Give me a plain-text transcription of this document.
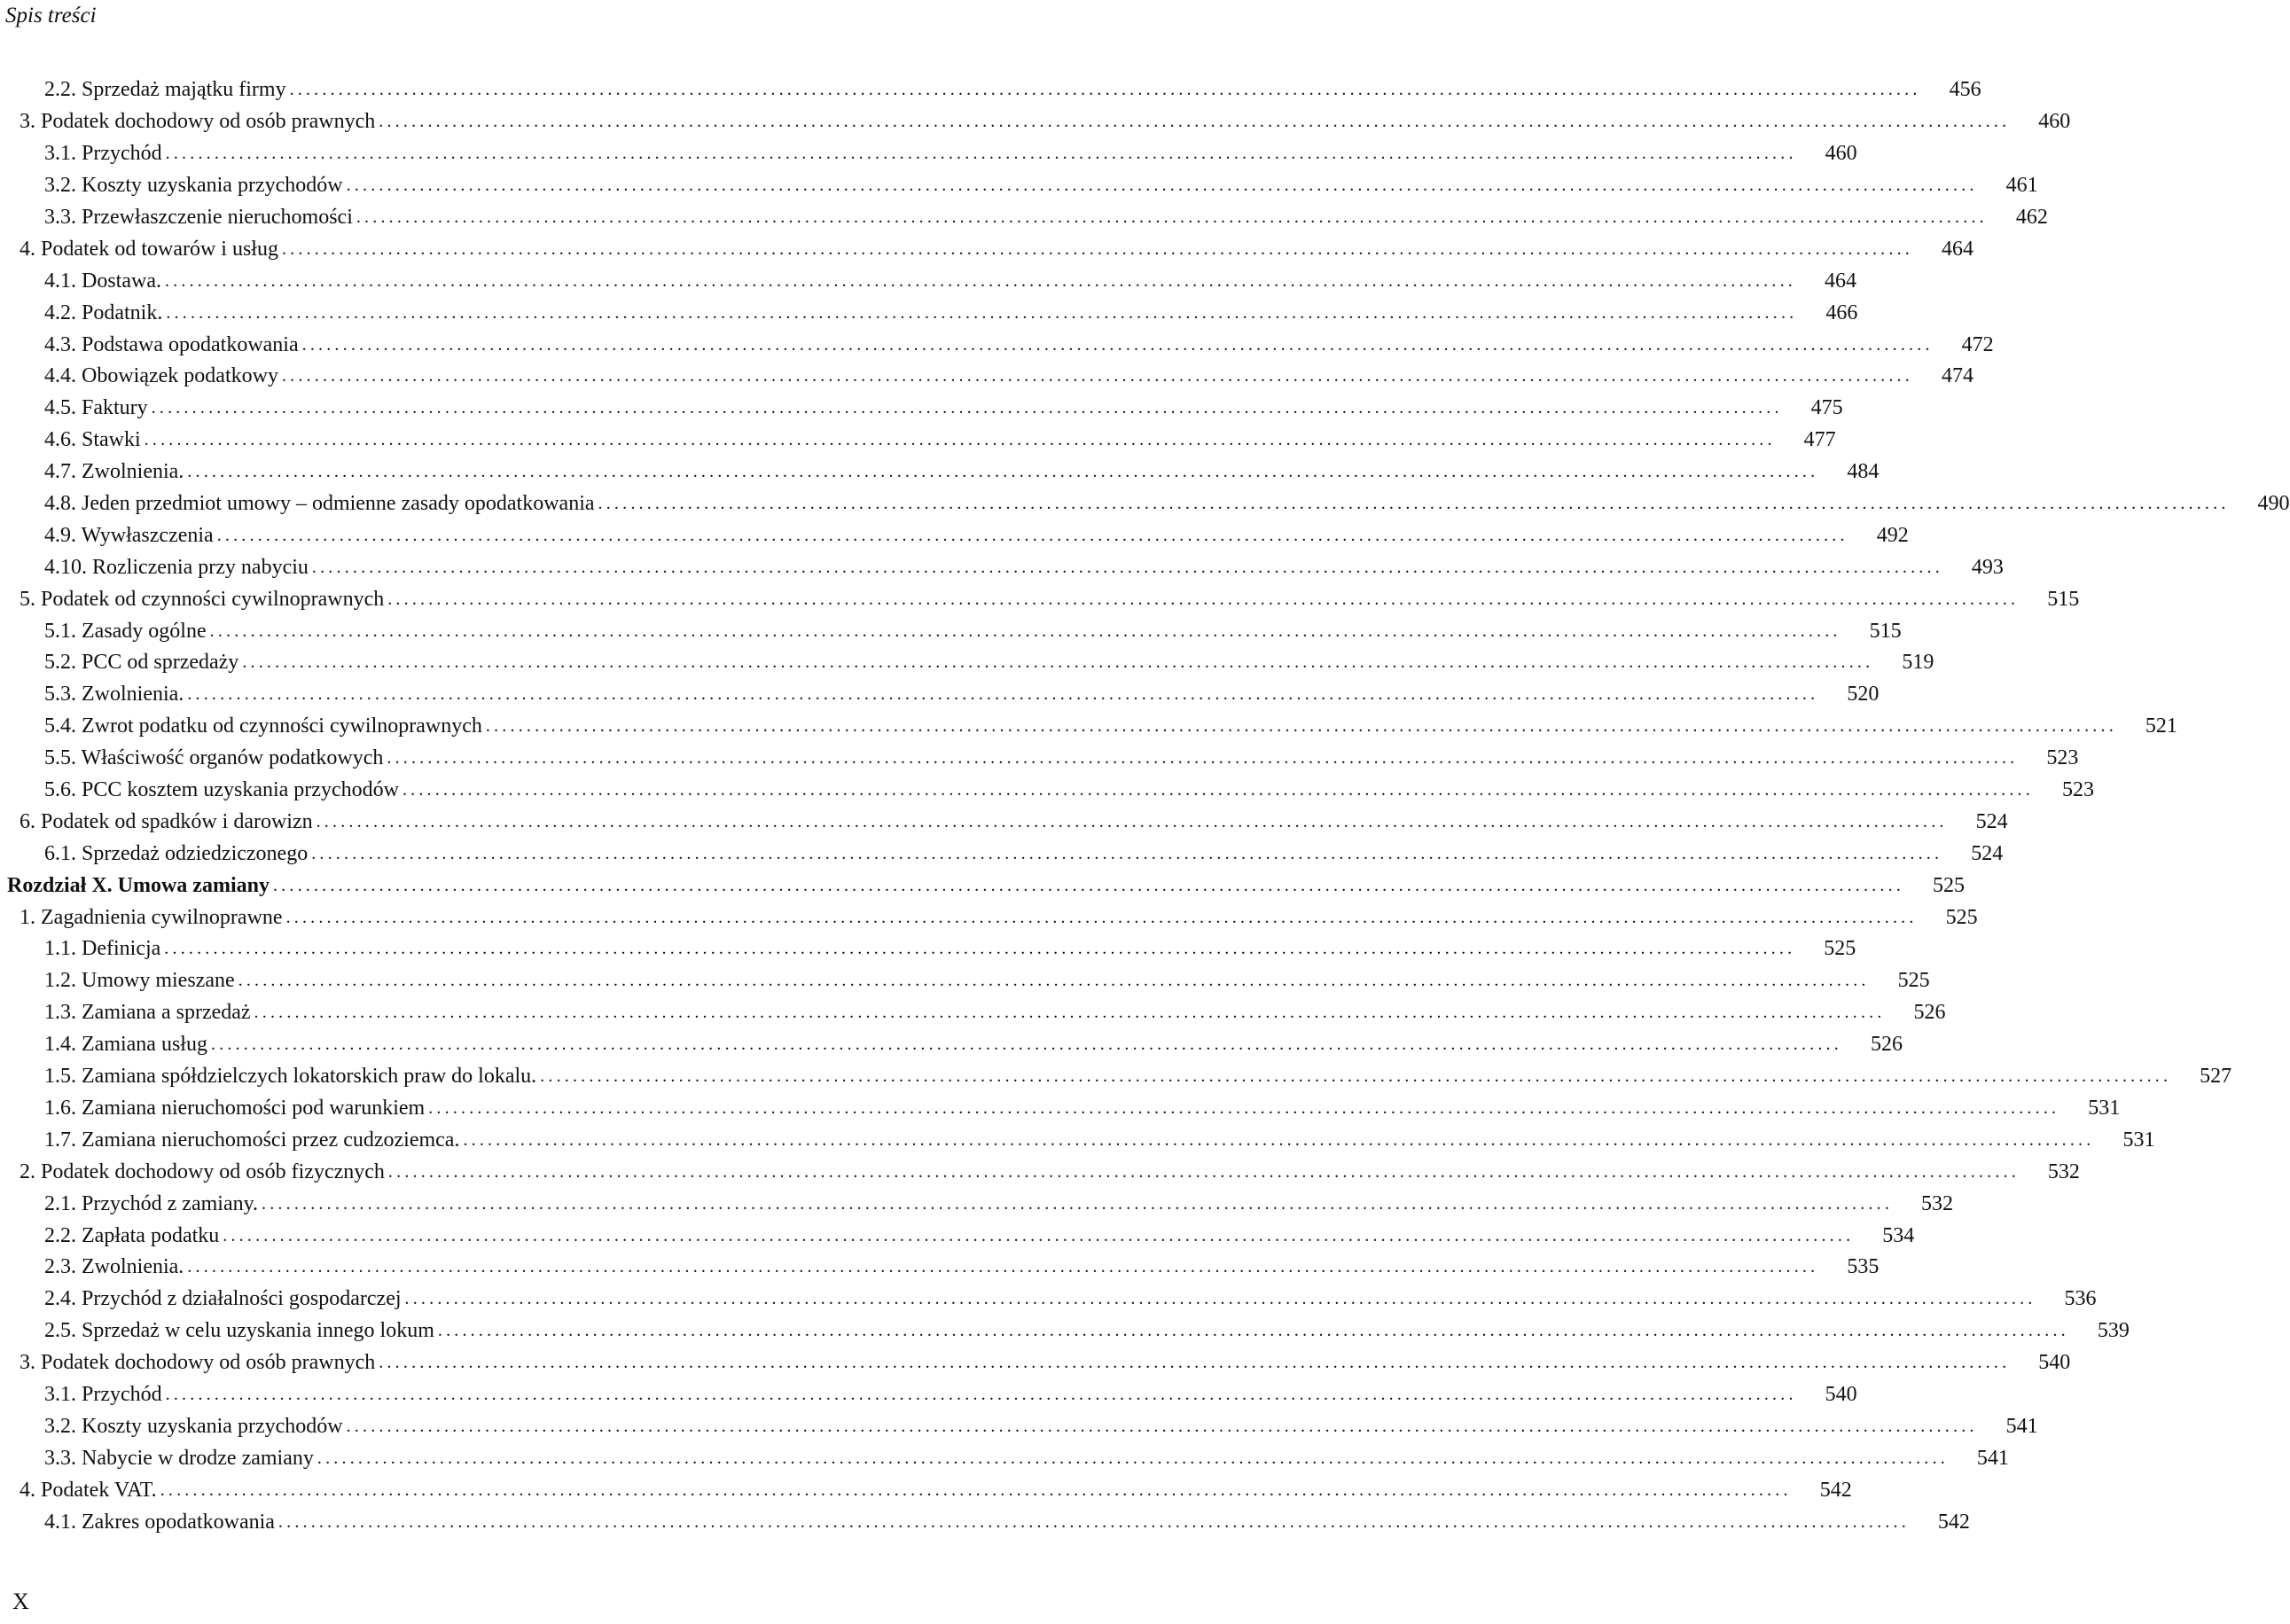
Spis treści
2.2. Sprzedaż majątku firmy ........................................................................................................................................................................................................	456
3. Podatek dochodowy od osób prawnych ........................................................................................................................................................................................................	460
3.1. Przychód ........................................................................................................................................................................................................	460
3.2. Koszty uzyskania przychodów ........................................................................................................................................................................................................	461
3.3. Przewłaszczenie nieruchomości ........................................................................................................................................................................................................	462
4. Podatek od towarów i usług ........................................................................................................................................................................................................	464
4.1. Dostawa. ........................................................................................................................................................................................................	464
4.2. Podatnik. ........................................................................................................................................................................................................	466
4.3. Podstawa opodatkowania ........................................................................................................................................................................................................	472
4.4. Obowiązek podatkowy ........................................................................................................................................................................................................	474
4.5. Faktury ........................................................................................................................................................................................................	475
4.6. Stawki ........................................................................................................................................................................................................	477
4.7. Zwolnienia. ........................................................................................................................................................................................................	484
4.8. Jeden przedmiot umowy – odmienne zasady opodatkowania ........................................................................................................................................................................................................	490
4.9. Wywłaszczenia ........................................................................................................................................................................................................	492
4.10. Rozliczenia przy nabyciu ........................................................................................................................................................................................................	493
5. Podatek od czynności cywilnoprawnych ........................................................................................................................................................................................................	515
5.1. Zasady ogólne ........................................................................................................................................................................................................	515
5.2. PCC od sprzedaży ........................................................................................................................................................................................................	519
5.3. Zwolnienia. ........................................................................................................................................................................................................	520
5.4. Zwrot podatku od czynności cywilnoprawnych ........................................................................................................................................................................................................	521
5.5. Właściwość organów podatkowych ........................................................................................................................................................................................................	523
5.6. PCC kosztem uzyskania przychodów ........................................................................................................................................................................................................	523
6. Podatek od spadków i darowizn ........................................................................................................................................................................................................	524
6.1. Sprzedaż odziedziczonego ........................................................................................................................................................................................................	524
Rozdział X. Umowa zamiany ........................................................................................................................................................................................................	525
1. Zagadnienia cywilnoprawne ........................................................................................................................................................................................................	525
1.1. Definicja ........................................................................................................................................................................................................	525
1.2. Umowy mieszane ........................................................................................................................................................................................................	525
1.3. Zamiana a sprzedaż ........................................................................................................................................................................................................	526
1.4. Zamiana usług ........................................................................................................................................................................................................	526
1.5. Zamiana spółdzielczych lokatorskich praw do lokalu. ........................................................................................................................................................................................................	527
1.6. Zamiana nieruchomości pod warunkiem ........................................................................................................................................................................................................	531
1.7. Zamiana nieruchomości przez cudzoziemca. ........................................................................................................................................................................................................	531
2. Podatek dochodowy od osób fizycznych ........................................................................................................................................................................................................	532
2.1. Przychód z zamiany. ........................................................................................................................................................................................................	532
2.2. Zapłata podatku ........................................................................................................................................................................................................	534
2.3. Zwolnienia. ........................................................................................................................................................................................................	535
2.4. Przychód z działalności gospodarczej ........................................................................................................................................................................................................	536
2.5. Sprzedaż w celu uzyskania innego lokum ........................................................................................................................................................................................................	539
3. Podatek dochodowy od osób prawnych ........................................................................................................................................................................................................	540
3.1. Przychód ........................................................................................................................................................................................................	540
3.2. Koszty uzyskania przychodów ........................................................................................................................................................................................................	541
3.3. Nabycie w drodze zamiany ........................................................................................................................................................................................................	541
4. Podatek VAT. ........................................................................................................................................................................................................	542
4.1. Zakres opodatkowania ........................................................................................................................................................................................................	542
X
